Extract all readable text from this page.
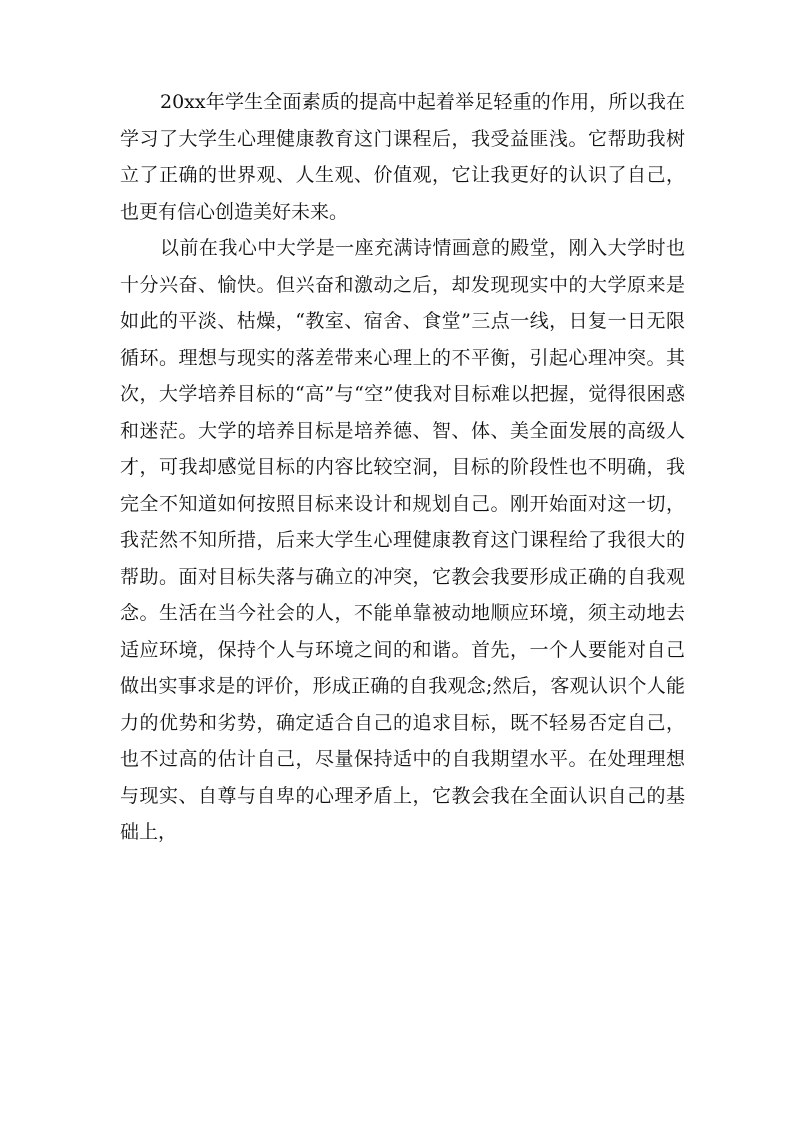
20xx年学生全面素质的提高中起着举足轻重的作用，所以我在学习了大学生心理健康教育这门课程后，我受益匪浅。它帮助我树立了正确的世界观、人生观、价值观，它让我更好的认识了自己，也更有信心创造美好未来。

以前在我心中大学是一座充满诗情画意的殿堂，刚入大学时也十分兴奋、愉快。但兴奋和激动之后，却发现现实中的大学原来是如此的平淡、枯燥，“教室、宿舍、食堂”三点一线，日复一日无限循环。理想与现实的落差带来心理上的不平衡，引起心理冲突。其次，大学培养目标的“高”与“空”使我对目标难以把握，觉得很困惑和迷茫。大学的培养目标是培养德、智、体、美全面发展的高级人才，可我却感觉目标的内容比较空洞，目标的阶段性也不明确，我完全不知道如何按照目标来设计和规划自己。刚开始面对这一切，我茫然不知所措，后来大学生心理健康教育这门课程给了我很大的帮助。面对目标失落与确立的冲突，它教会我要形成正确的自我观念。生活在当今社会的人，不能单靠被动地顺应环境，须主动地去适应环境，保持个人与环境之间的和谐。首先，一个人要能对自己做出实事求是的评价，形成正确的自我观念;然后，客观认识个人能力的优势和劣势，确定适合自己的追求目标，既不轻易否定自己，也不过高的估计自己，尽量保持适中的自我期望水平。在处理理想与现实、自尊与自卑的心理矛盾上，它教会我在全面认识自己的基础上，
